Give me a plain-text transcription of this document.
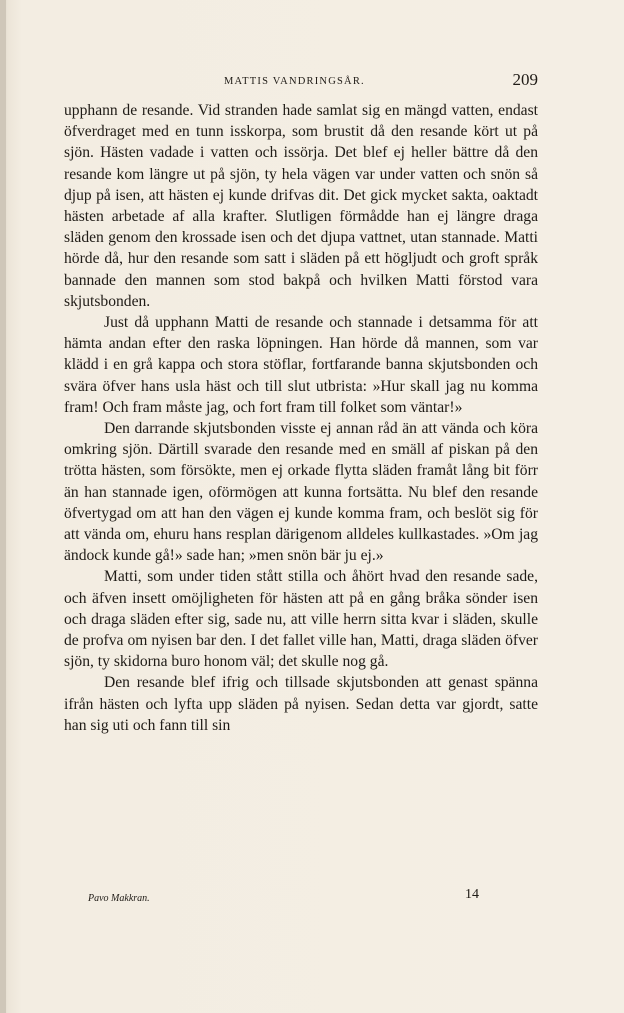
MATTIS VANDRINGSÅR.	209

upphann de resande. Vid stranden hade samlat sig en mängd vatten, endast öfverdraget med en tunn isskorpa, som brustit då den resande kört ut på sjön. Hästen vadade i vatten och issörja. Det blef ej heller bättre då den resande kom längre ut på sjön, ty hela vägen var under vatten och snön så djup på isen, att hästen ej kunde drifvas dit. Det gick mycket sakta, oaktadt hästen arbetade af alla krafter. Slutligen förmådde han ej längre draga släden genom den krossade isen och det djupa vattnet, utan stannade. Matti hörde då, hur den resande som satt i släden på ett högljudt och groft språk bannade den mannen som stod bakpå och hvilken Matti förstod vara skjutsbonden.

Just då upphann Matti de resande och stannade i detsamma för att hämta andan efter den raska löpningen. Han hörde då mannen, som var klädd i en grå kappa och stora stöflar, fortfarande banna skjutsbonden och svära öfver hans usla häst och till slut utbrista: »Hur skall jag nu komma fram! Och fram måste jag, och fort fram till folket som väntar!»

Den darrande skjutsbonden visste ej annan råd än att vända och köra omkring sjön. Därtill svarade den resande med en smäll af piskan på den trötta hästen, som försökte, men ej orkade flytta släden framåt lång bit förr än han stannade igen, oförmögen att kunna fortsätta. Nu blef den resande öfvertygad om att han den vägen ej kunde komma fram, och beslöt sig för att vända om, ehuru hans resplan därigenom alldeles kullkastades. »Om jag ändock kunde gå!» sade han; »men snön bär ju ej.»

Matti, som under tiden stått stilla och åhört hvad den resande sade, och äfven insett omöjligheten för hästen att på en gång bråka sönder isen och draga släden efter sig, sade nu, att ville herrn sitta kvar i släden, skulle de profva om nyisen bar den. I det fallet ville han, Matti, draga släden öfver sjön, ty skidorna buro honom väl; det skulle nog gå.

Den resande blef ifrig och tillsade skjutsbonden att genast spänna ifrån hästen och lyfta upp släden på nyisen. Sedan detta var gjordt, satte han sig uti och fann till sin

Pavo Makkran.	14
